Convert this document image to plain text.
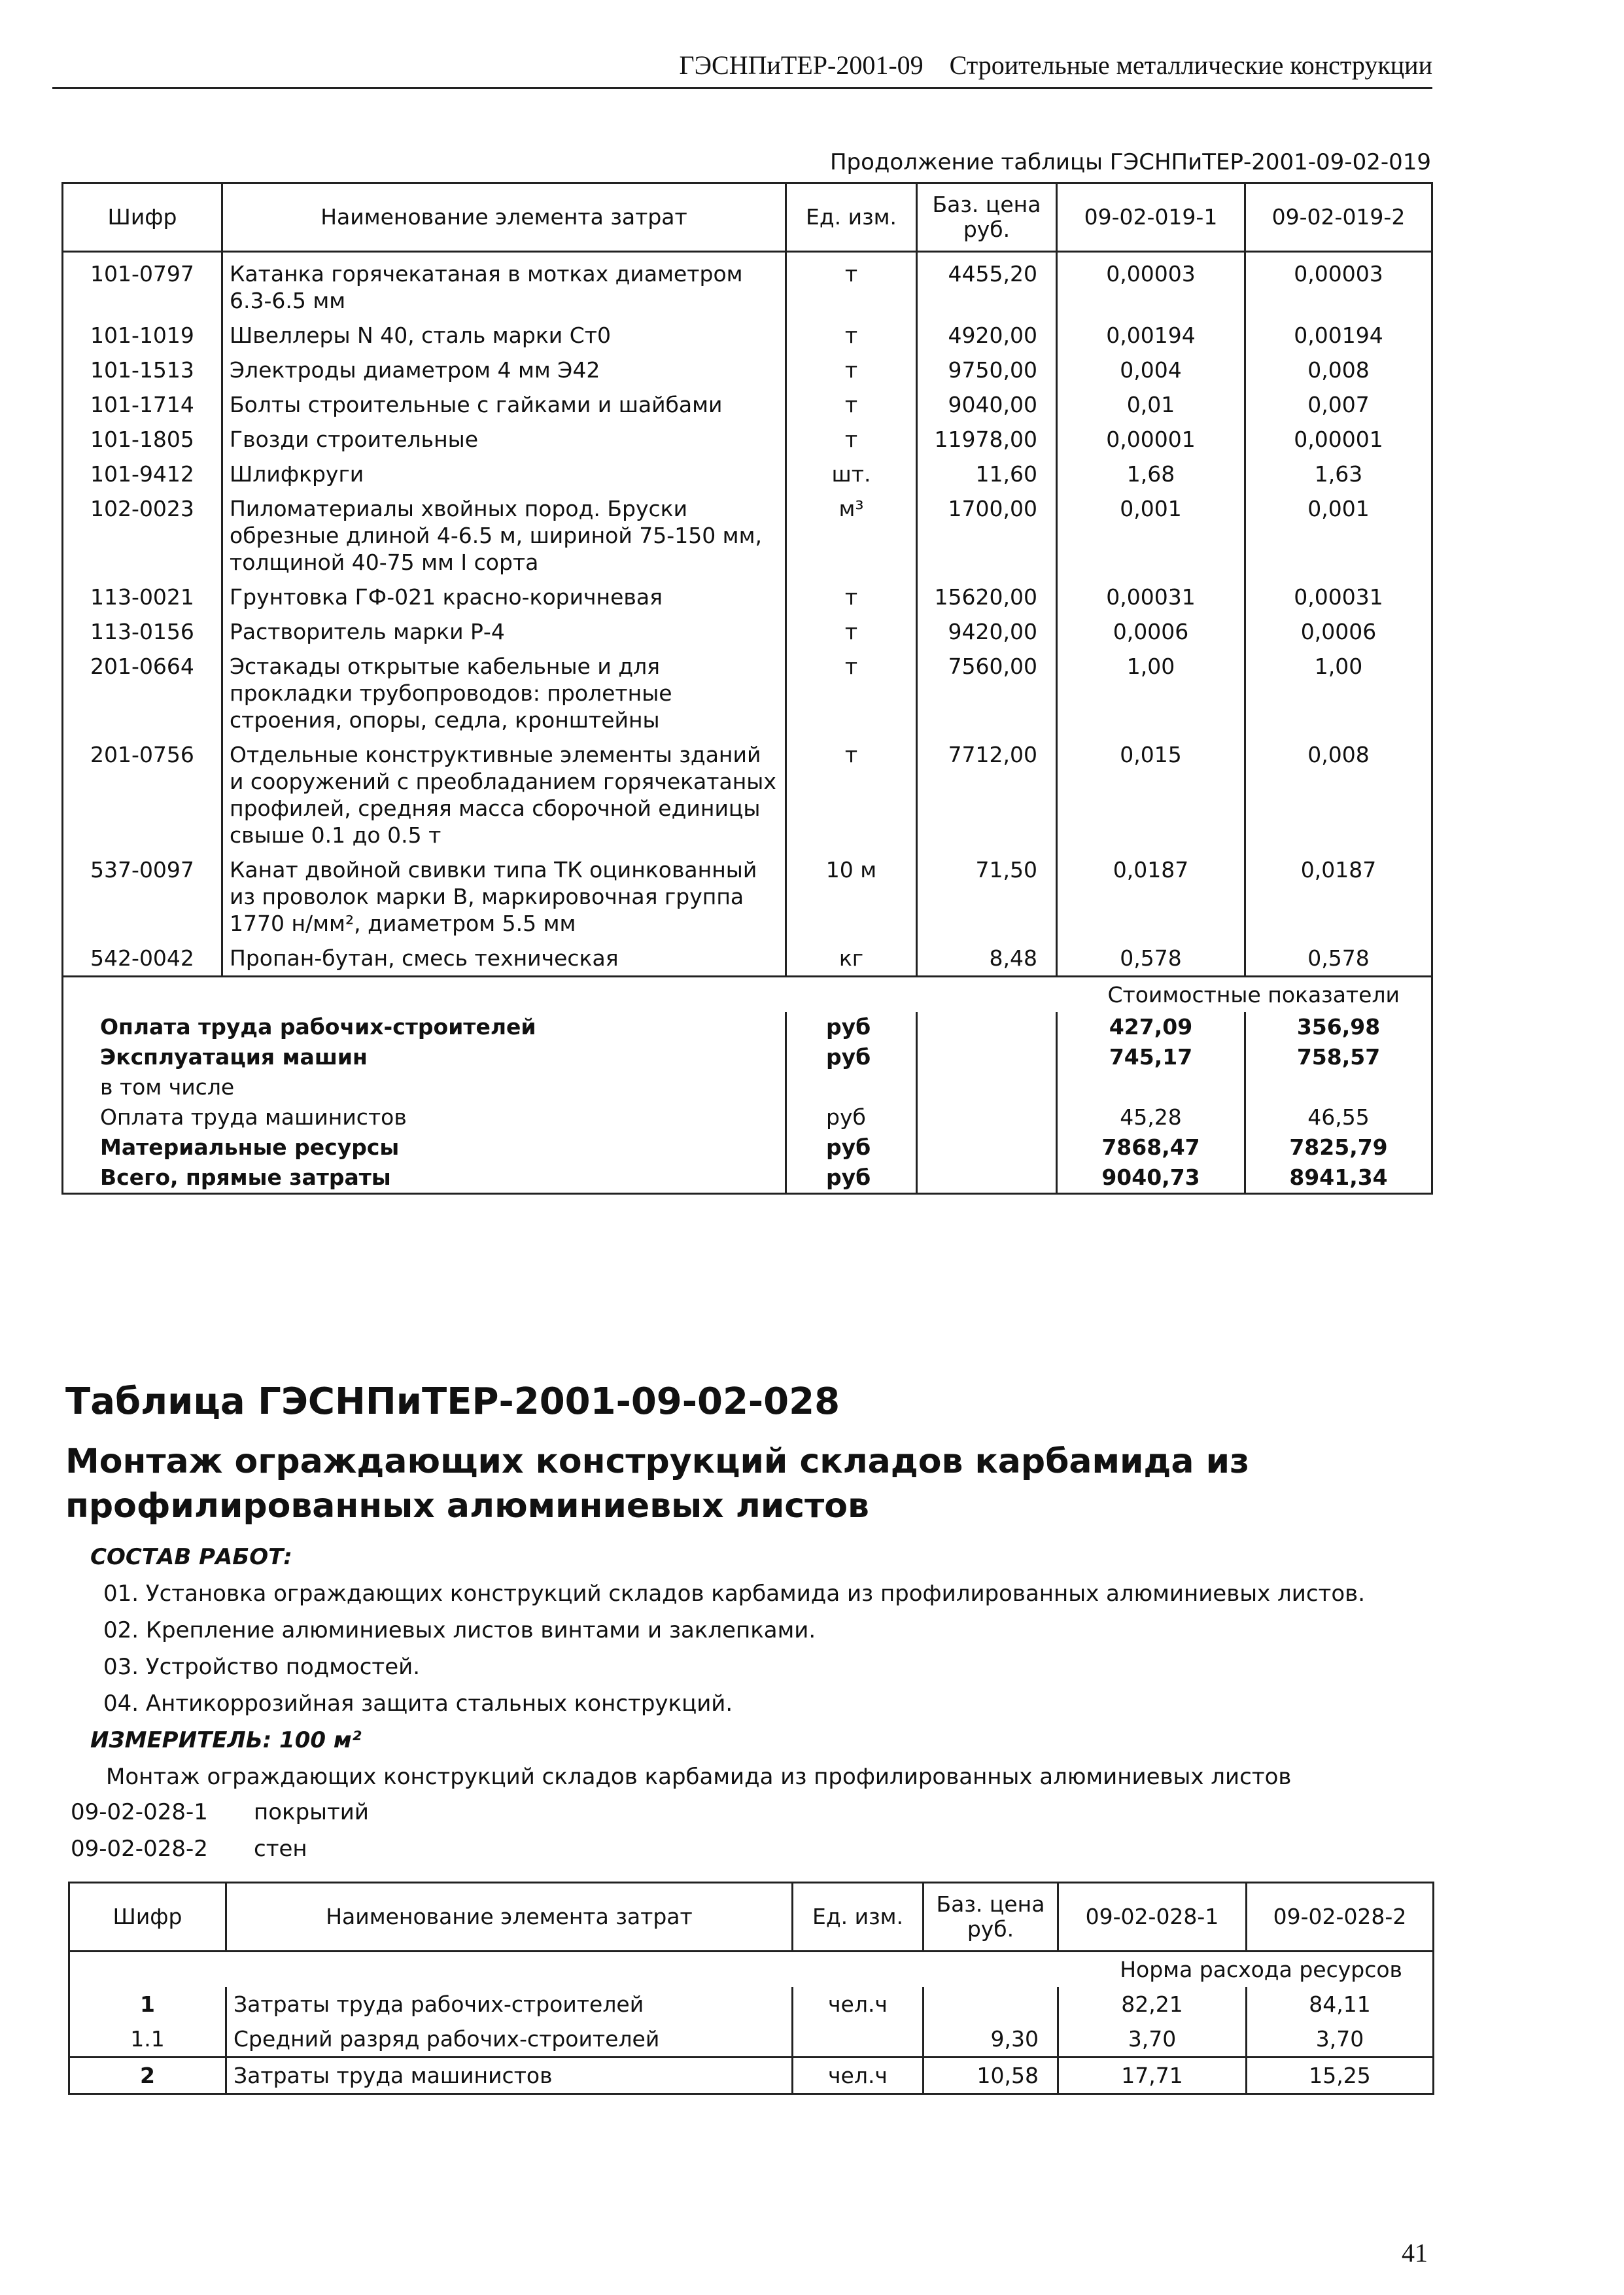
ГЭСНПиТЕР-2001-09 Строительные металлические конструкции
Продолжение таблицы ГЭСНПиТЕР-2001-09-02-019
Шифр	Наименование элемента затрат	Ед. изм.	Баз. цена руб.	09-02-019-1	09-02-019-2
101-0797	Катанка горячекатаная в мотках диаметром 6.3-6.5 мм	т	4455,20	0,00003	0,00003
101-1019	Швеллеры N 40, сталь марки Ст0	т	4920,00	0,00194	0,00194
101-1513	Электроды диаметром 4 мм Э42	т	9750,00	0,004	0,008
101-1714	Болты строительные с гайками и шайбами	т	9040,00	0,01	0,007
101-1805	Гвозди строительные	т	11978,00	0,00001	0,00001
101-9412	Шлифкруги	шт.	11,60	1,68	1,63
102-0023	Пиломатериалы хвойных пород. Бруски обрезные длиной 4-6.5 м, шириной 75-150 мм, толщиной 40-75 мм I сорта	м³	1700,00	0,001	0,001
113-0021	Грунтовка ГФ-021 красно-коричневая	т	15620,00	0,00031	0,00031
113-0156	Растворитель марки Р-4	т	9420,00	0,0006	0,0006
201-0664	Эстакады открытые кабельные и для прокладки трубопроводов: пролетные строения, опоры, седла, кронштейны	т	7560,00	1,00	1,00
201-0756	Отдельные конструктивные элементы зданий и сооружений с преобладанием горячекатаных профилей, средняя масса сборочной единицы свыше 0.1 до 0.5 т	т	7712,00	0,015	0,008
537-0097	Канат двойной свивки типа ТК оцинкованный из проволок марки В, маркировочная группа 1770 н/мм², диаметром 5.5 мм	10 м	71,50	0,0187	0,0187
542-0042	Пропан-бутан, смесь техническая	кг	8,48	0,578	0,578
Стоимостные показатели					
Оплата труда рабочих-строителей		руб		427,09	356,98
Эксплуатация машин		руб		745,17	758,57
в том числе					
Оплата труда машинистов		руб		45,28	46,55
Материальные ресурсы		руб		7868,47	7825,79
Всего, прямые затраты		руб		9040,73	8941,34
Таблица ГЭСНПиТЕР-2001-09-02-028
Монтаж ограждающих конструкций складов карбамида из
профилированных алюминиевых листов
СОСТАВ РАБОТ:
01. Установка ограждающих конструкций складов карбамида из профилированных алюминиевых листов.
02. Крепление алюминиевых листов винтами и заклепками.
03. Устройство подмостей.
04. Антикоррозийная защита стальных конструкций.
ИЗМЕРИТЕЛЬ: 100 м²
Монтаж ограждающих конструкций складов карбамида из профилированных алюминиевых листов
09-02-028-1 покрытий
09-02-028-2 стен
Шифр	Наименование элемента затрат	Ед. изм.	Баз. цена руб.	09-02-028-1	09-02-028-2
Норма расхода ресурсов					
1	Затраты труда рабочих-строителей	чел.ч		82,21	84,11
1.1	Средний разряд рабочих-строителей		9,30	3,70	3,70
2	Затраты труда машинистов	чел.ч	10,58	17,71	15,25
41
